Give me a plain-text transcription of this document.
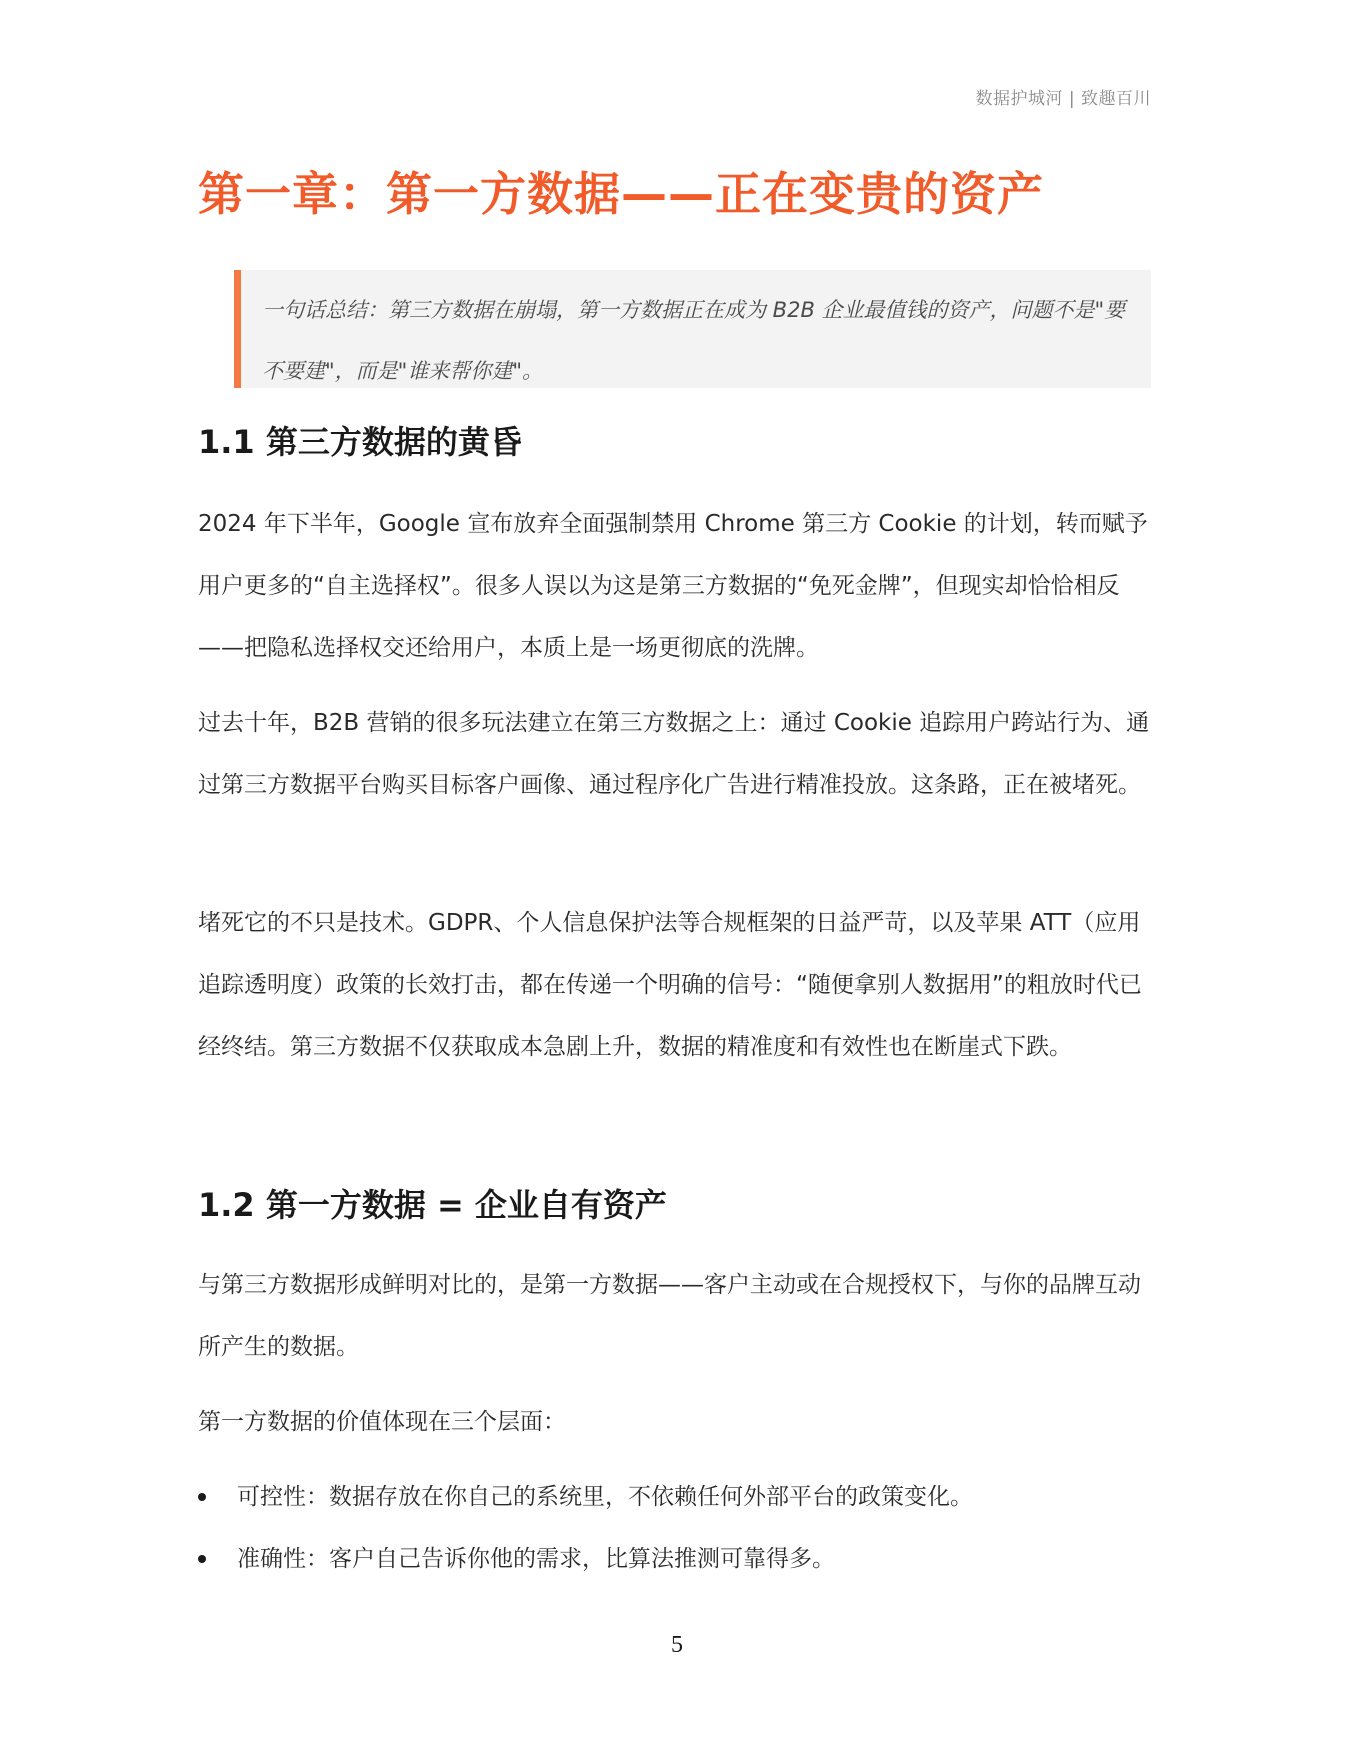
数据护城河 | 致趣百川
第一章：第一方数据——正在变贵的资产

一句话总结：第三方数据在崩塌，第一方数据正在成为 B2B 企业最值钱的资产，问题不是"要不要建"，而是"谁来帮你建"。

1.1 第三方数据的黄昏

2024 年下半年，Google 宣布放弃全面强制禁用 Chrome 第三方 Cookie 的计划，转而赋予用户更多的“自主选择权”。很多人误以为这是第三方数据的“免死金牌”，但现实却恰恰相反——把隐私选择权交还给用户，本质上是一场更彻底的洗牌。

过去十年，B2B 营销的很多玩法建立在第三方数据之上：通过 Cookie 追踪用户跨站行为、通过第三方数据平台购买目标客户画像、通过程序化广告进行精准投放。这条路，正在被堵死。

堵死它的不只是技术。GDPR、个人信息保护法等合规框架的日益严苛，以及苹果 ATT（应用追踪透明度）政策的长效打击，都在传递一个明确的信号：“随便拿别人数据用”的粗放时代已经终结。第三方数据不仅获取成本急剧上升，数据的精准度和有效性也在断崖式下跌。

1.2 第一方数据 = 企业自有资产

与第三方数据形成鲜明对比的，是第一方数据——客户主动或在合规授权下，与你的品牌互动所产生的数据。

第一方数据的价值体现在三个层面：

可控性：数据存放在你自己的系统里，不依赖任何外部平台的政策变化。
准确性：客户自己告诉你他的需求，比算法推测可靠得多。
5
